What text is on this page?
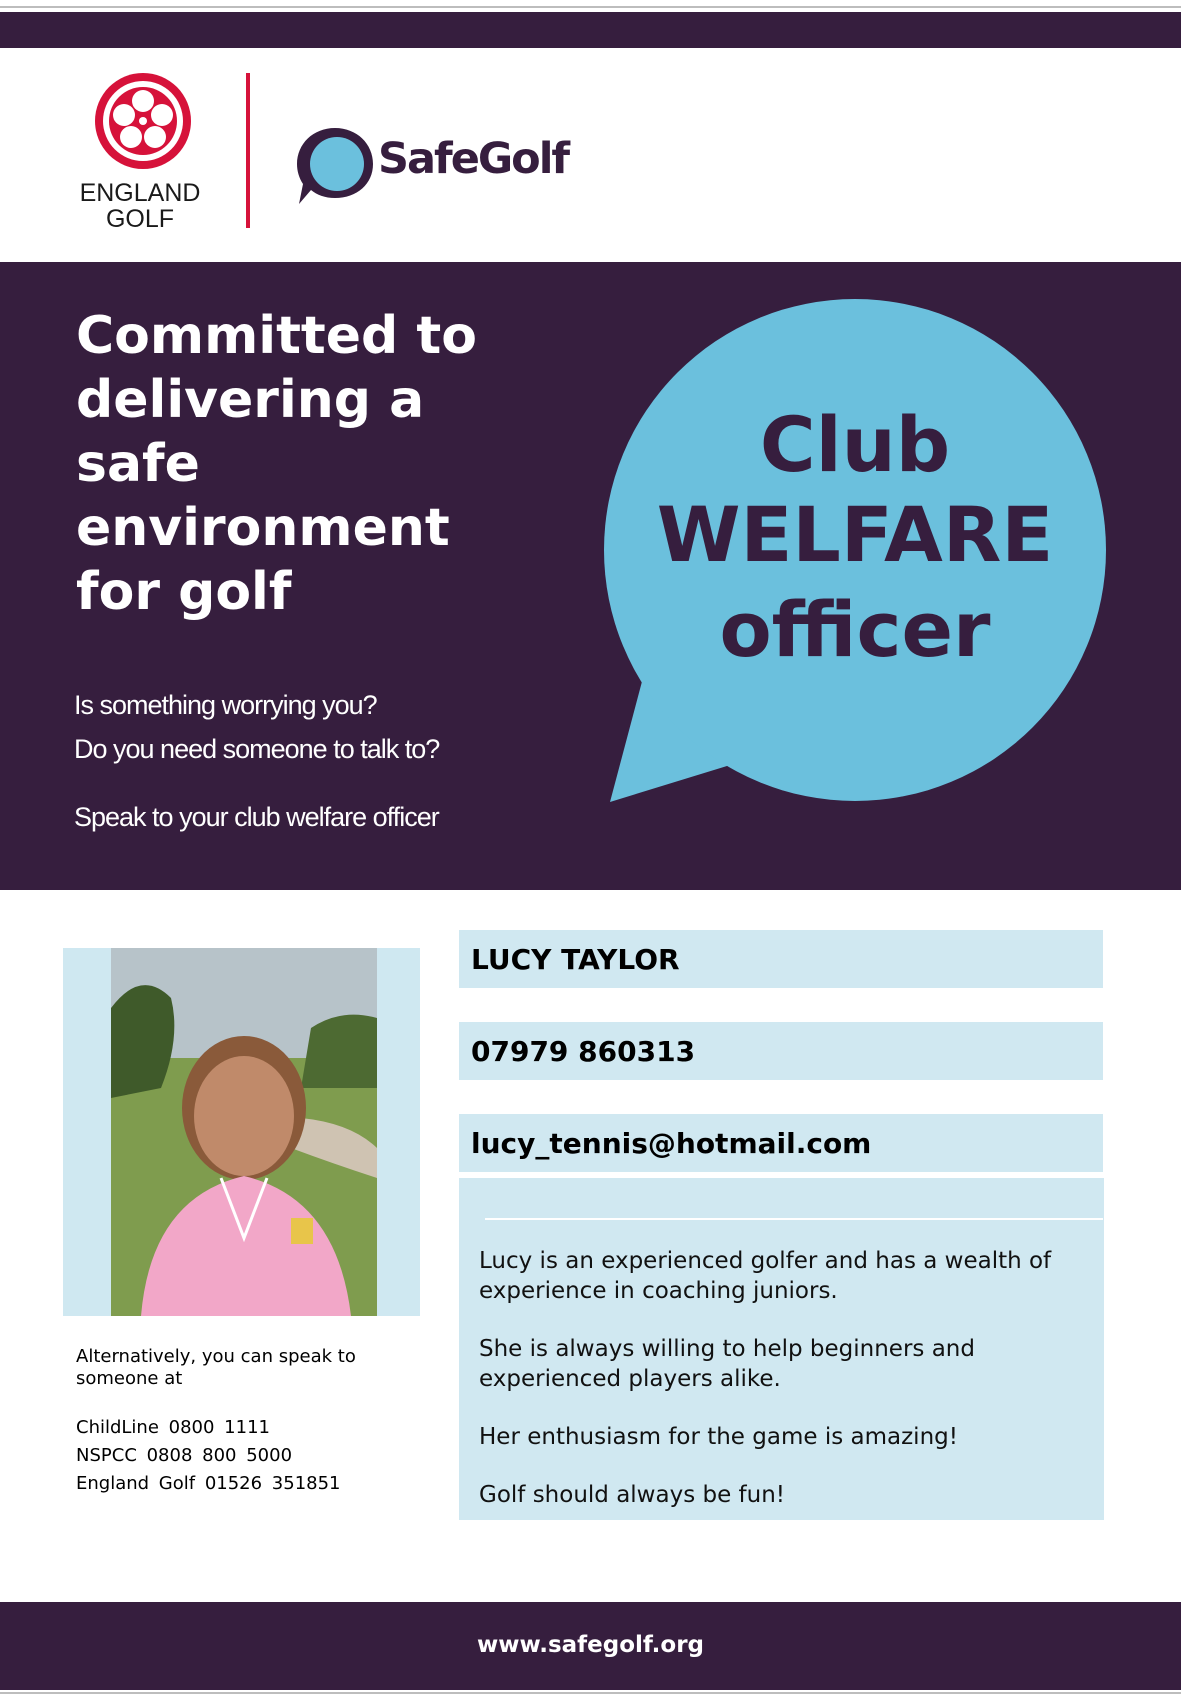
ENGLAND
GOLF
SafeGolf
Committed to
delivering a safe
environment
for golf
Is something worrying you?
Do you need someone to talk to?
Speak to your club welfare officer
Club
WELFARE
officer
Alternatively, you can speak to someone at
ChildLine 0800 1111
NSPCC 0808 800 5000
England Golf 01526 351851
LUCY TAYLOR
07979 860313
lucy_tennis@hotmail.com

Lucy is an experienced golfer and has a wealth of experience in coaching juniors.

She is always willing to help beginners and experienced players alike.

Her enthusiasm for the game is amazing!

Golf should always be fun!

www.safegolf.org
